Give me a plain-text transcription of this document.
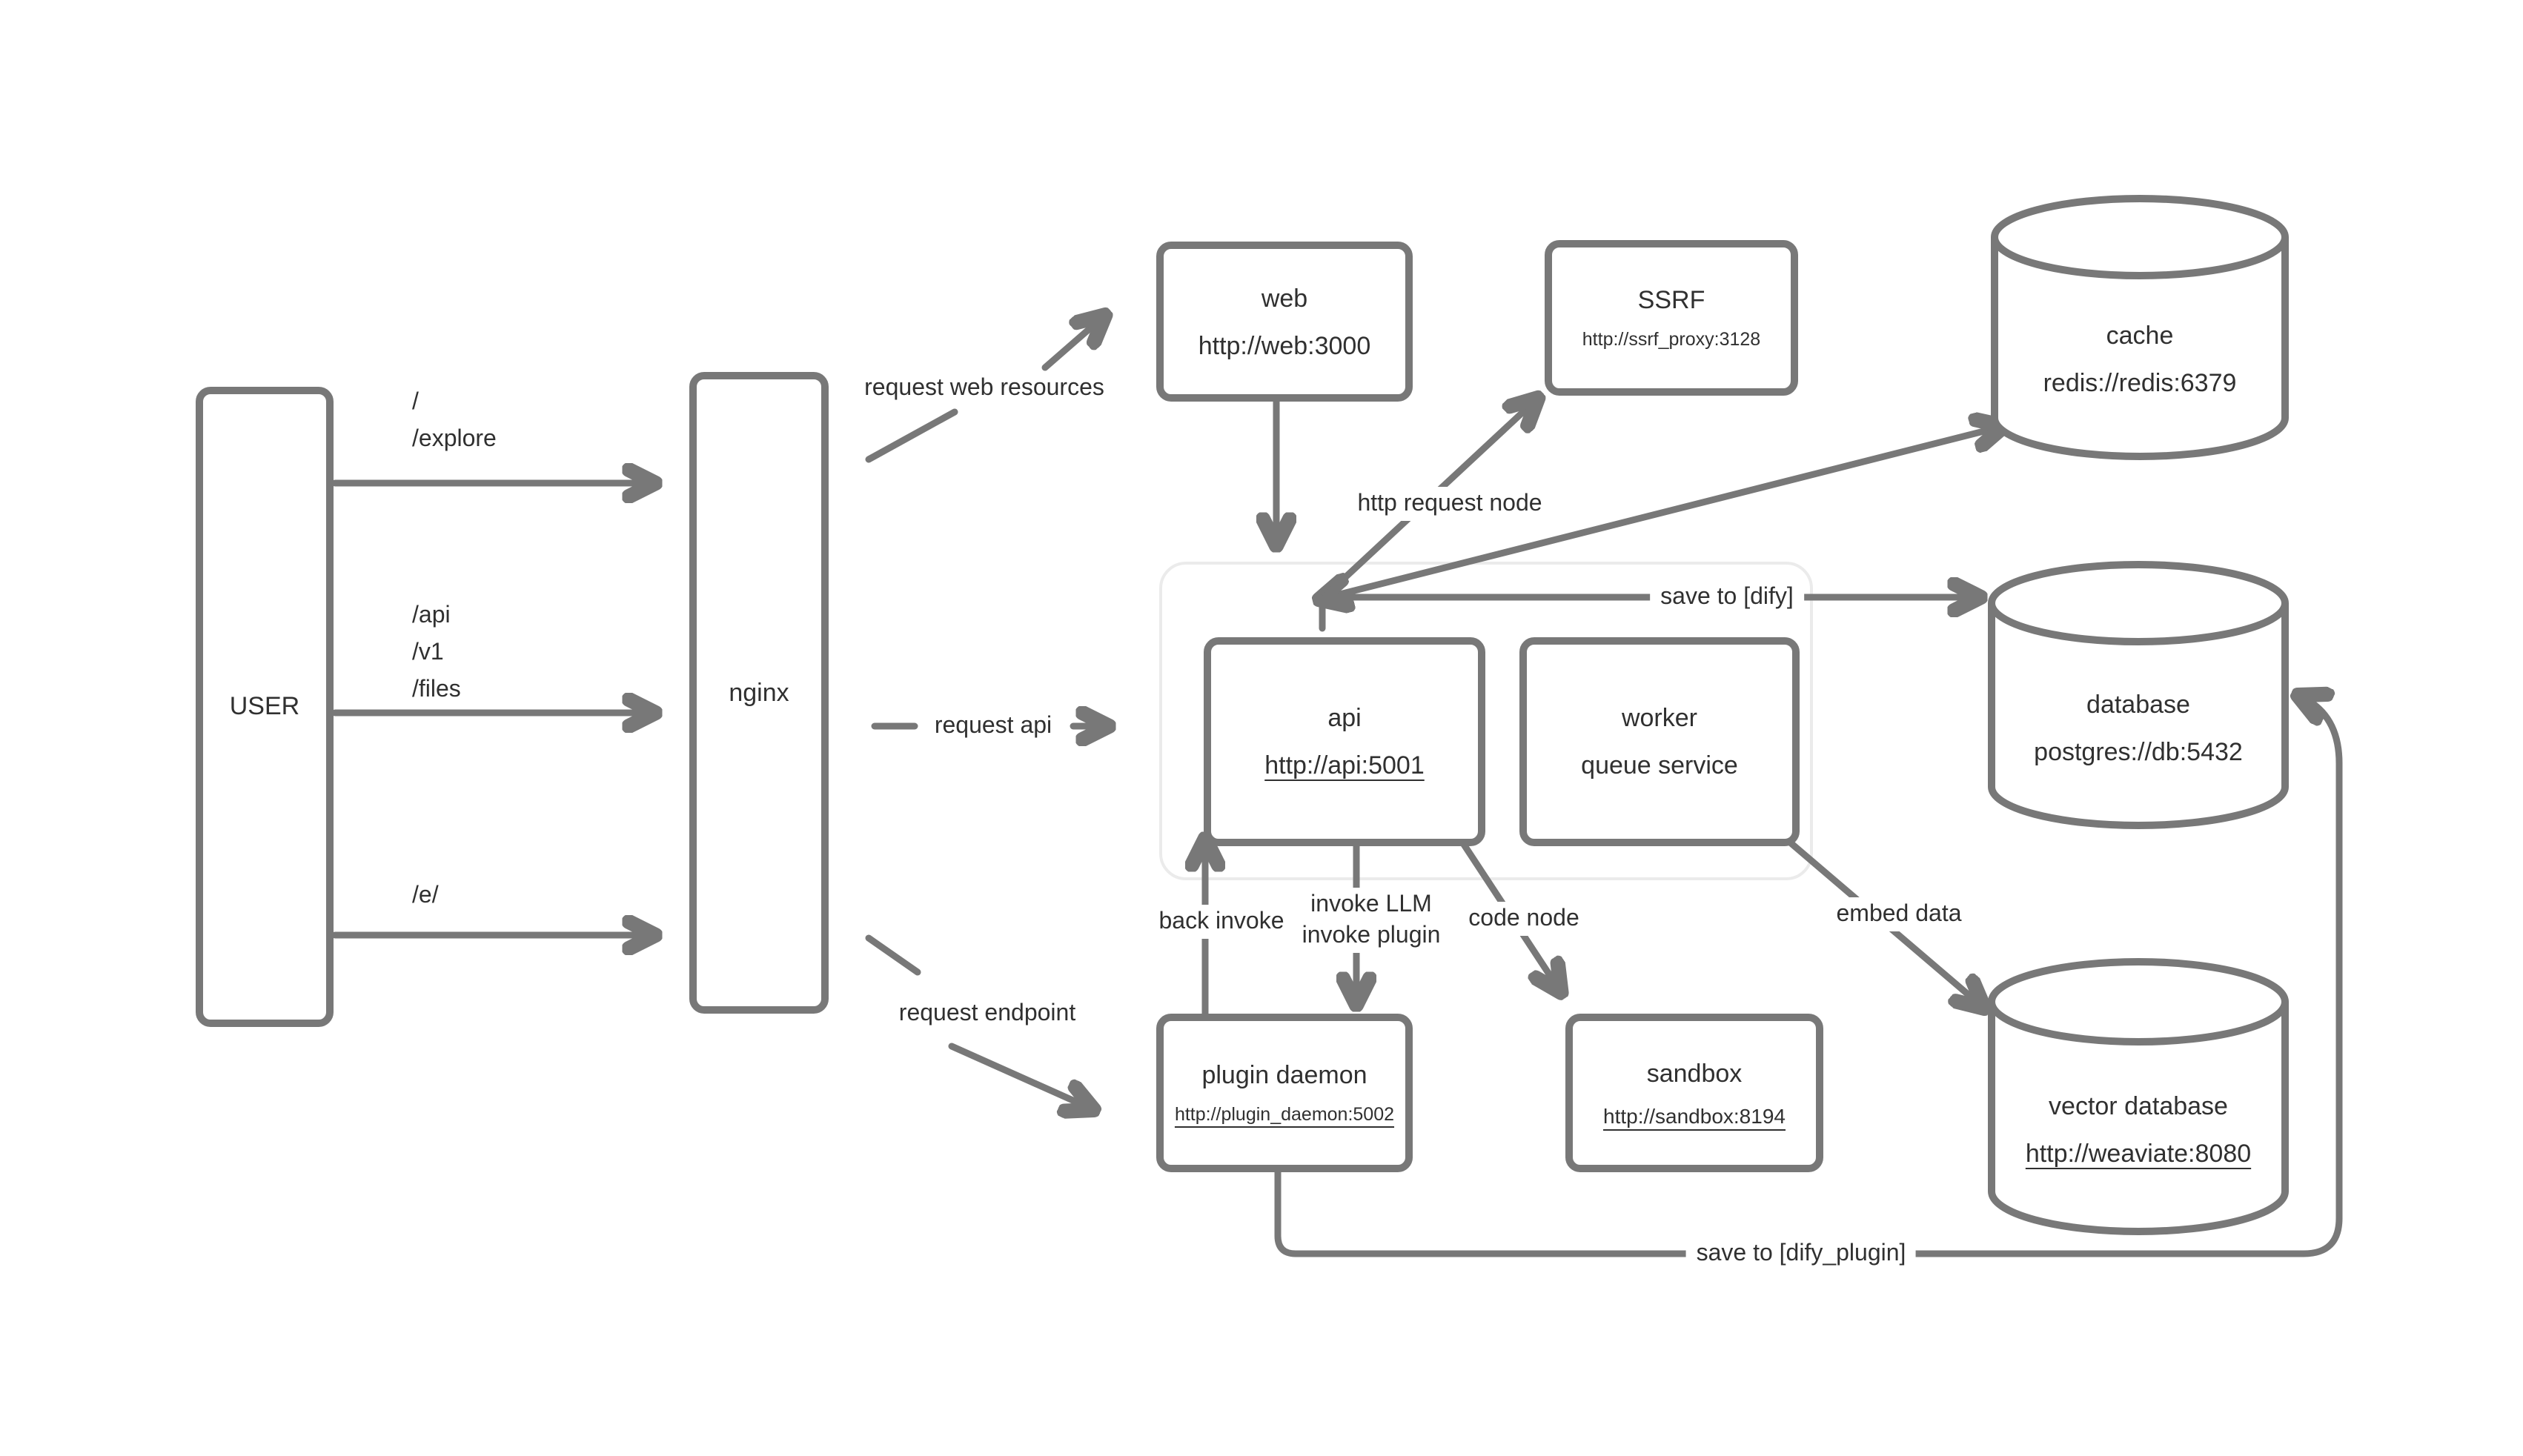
USER	nginx
web
http://web:3000
SSRF
http://ssrf_proxy:3128
api
http://api:5001
worker
queue service
plugin daemon
http://plugin_daemon:5002
sandbox
http://sandbox:8194
cache
redis://redis:6379
database
postgres://db:5432
vector database
http://weaviate:8080
/
/explore
/api
/v1
/files
/e/
request web resources
request api
request endpoint
http request node
save to [dify]
back invoke
invoke LLM
invoke plugin
code node	embed data
save to [dify_plugin]
